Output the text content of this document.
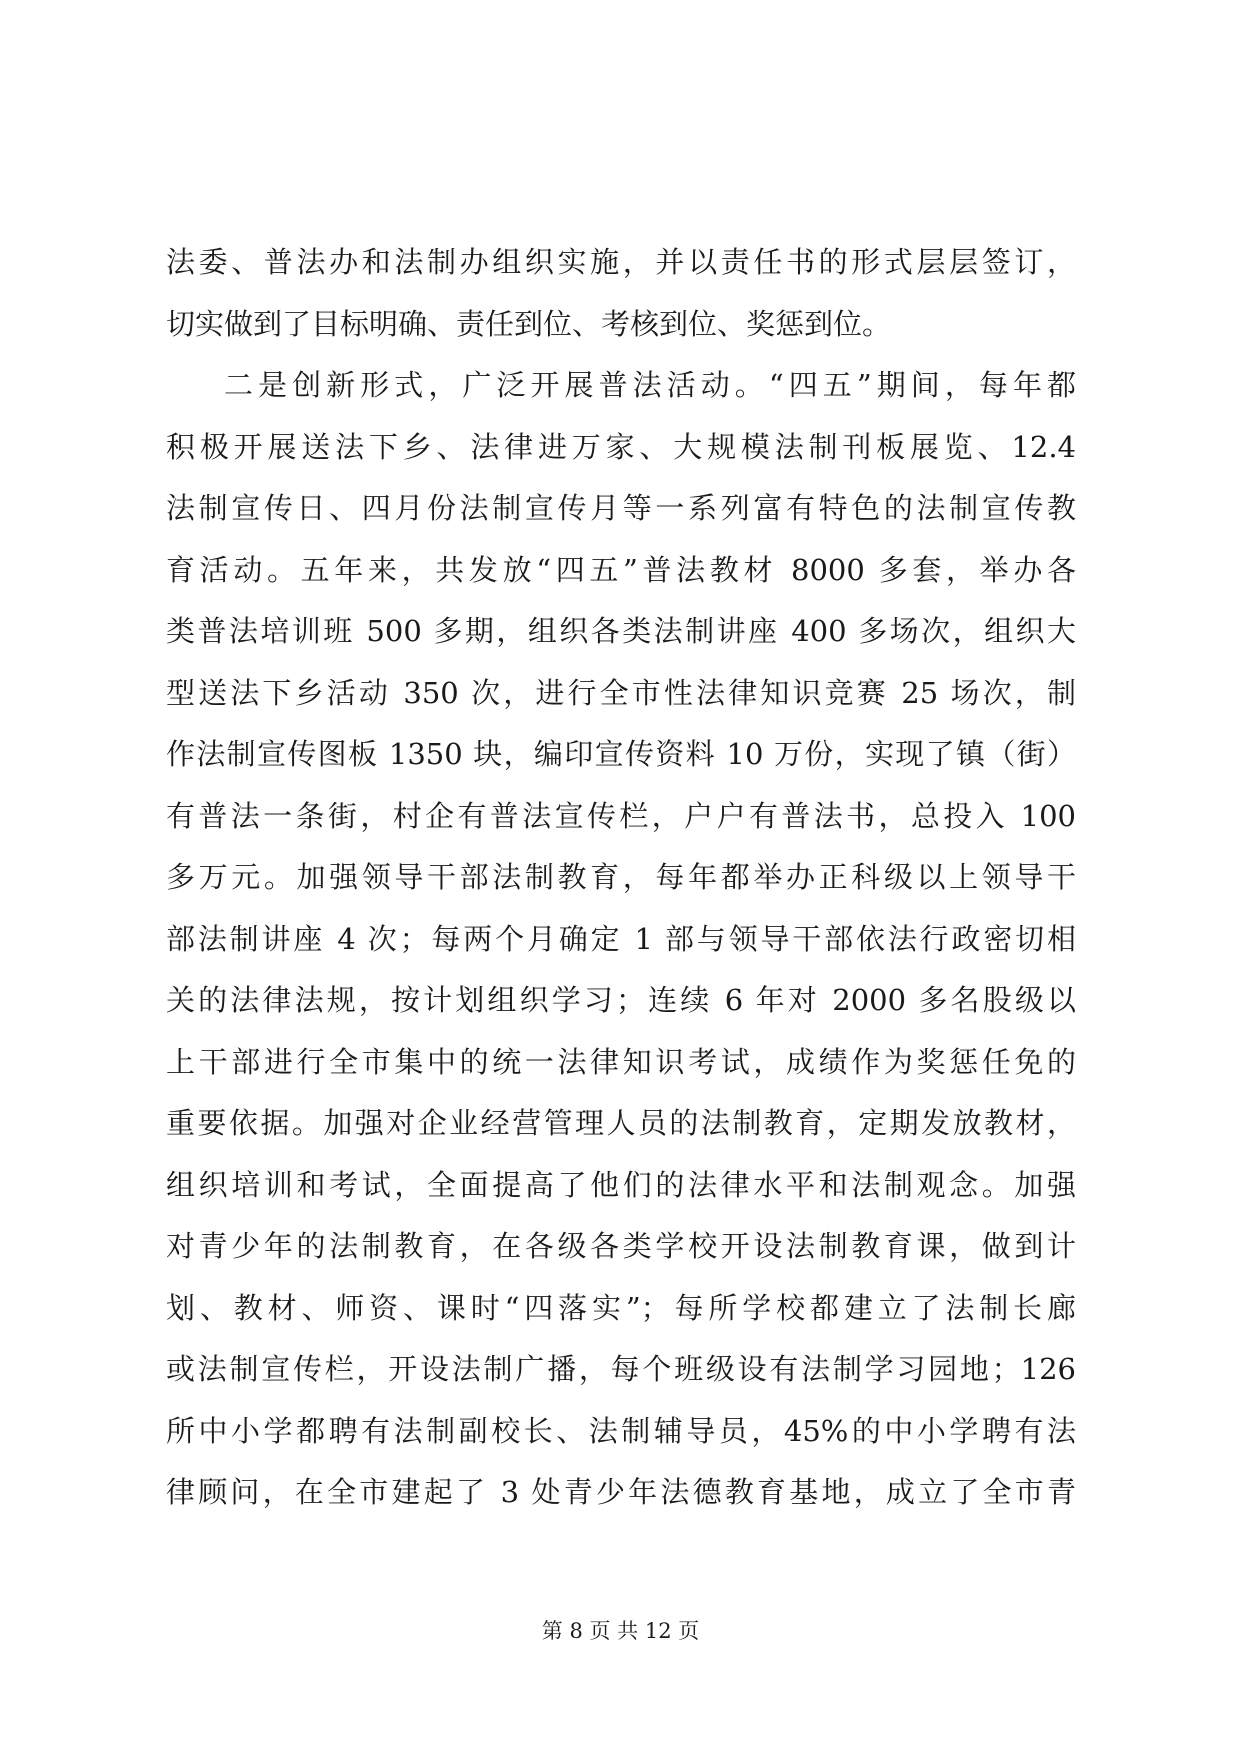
法委、普法办和法制办组织实施，并以责任书的形式层层签订，
切实做到了目标明确、责任到位、考核到位、奖惩到位。
二是创新形式，广泛开展普法活动。“四五”期间，每年都
积极开展送法下乡、法律进万家、大规模法制刊板展览、12.4
法制宣传日、四月份法制宣传月等一系列富有特色的法制宣传教
育活动。五年来，共发放“四五”普法教材 8000 多套，举办各
类普法培训班 500 多期，组织各类法制讲座 400 多场次，组织大
型送法下乡活动 350 次，进行全市性法律知识竞赛 25 场次，制
作法制宣传图板 1350 块，编印宣传资料 10 万份，实现了镇（街）
有普法一条街，村企有普法宣传栏，户户有普法书，总投入 100
多万元。加强领导干部法制教育，每年都举办正科级以上领导干
部法制讲座 4 次；每两个月确定 1 部与领导干部依法行政密切相
关的法律法规，按计划组织学习；连续 6 年对 2000 多名股级以
上干部进行全市集中的统一法律知识考试，成绩作为奖惩任免的
重要依据。加强对企业经营管理人员的法制教育，定期发放教材，
组织培训和考试，全面提高了他们的法律水平和法制观念。加强
对青少年的法制教育，在各级各类学校开设法制教育课，做到计
划、教材、师资、课时“四落实”；每所学校都建立了法制长廊
或法制宣传栏，开设法制广播，每个班级设有法制学习园地；126
所中小学都聘有法制副校长、法制辅导员，45%的中小学聘有法
律顾问，在全市建起了 3 处青少年法德教育基地，成立了全市青
第 8 页 共 12 页
